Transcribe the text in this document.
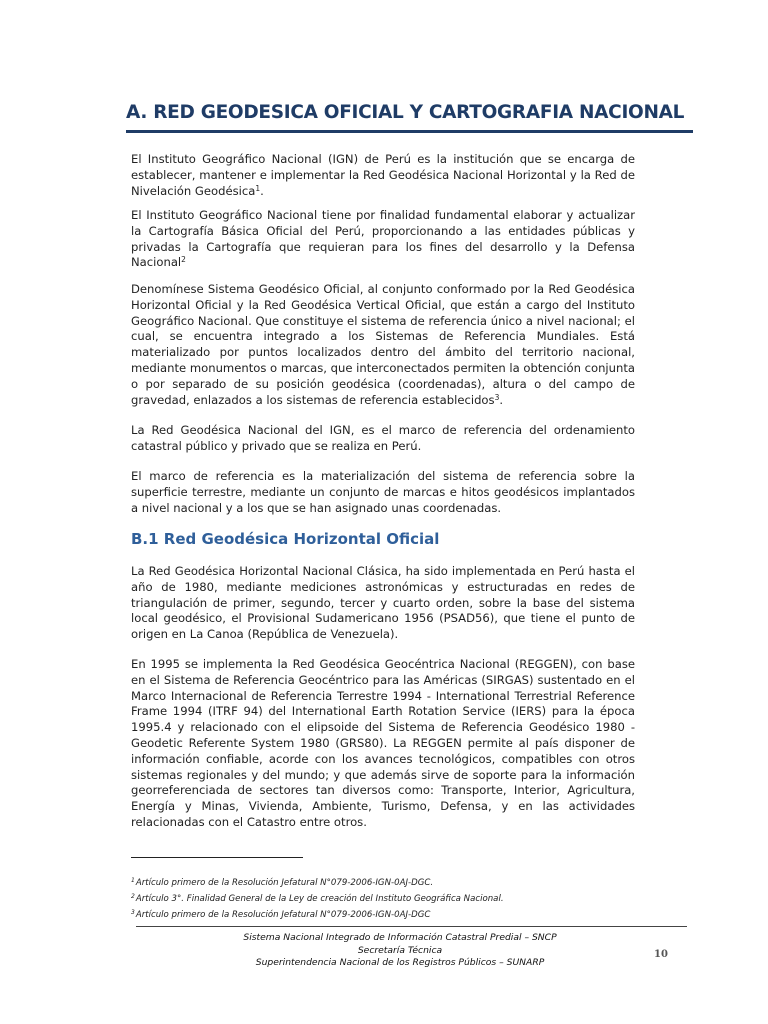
A. RED GEODESICA OFICIAL Y CARTOGRAFIA NACIONAL

El Instituto Geográfico Nacional (IGN) de Perú es la institución que se encarga de establecer, mantener e implementar la Red Geodésica Nacional Horizontal y la Red de Nivelación Geodésica$^1$.

El Instituto Geográfico Nacional tiene por finalidad fundamental elaborar y actualizar la Cartografía Básica Oficial del Perú, proporcionando a las entidades públicas y privadas la Cartografía que requieran para los fines del desarrollo y la Defensa Nacional$^2$

Denomínese Sistema Geodésico Oficial, al conjunto conformado por la Red Geodésica Horizontal Oficial y la Red Geodésica Vertical Oficial, que están a cargo del Instituto Geográfico Nacional. Que constituye el sistema de referencia único a nivel nacional; el cual, se encuentra integrado a los Sistemas de Referencia Mundiales. Está materializado por puntos localizados dentro del ámbito del territorio nacional, mediante monumentos o marcas, que interconectados permiten la obtención conjunta o por separado de su posición geodésica (coordenadas), altura o del campo de gravedad, enlazados a los sistemas de referencia establecidos$^3$.

La Red Geodésica Nacional del IGN, es el marco de referencia del ordenamiento catastral público y privado que se realiza en Perú.

El marco de referencia es la materialización del sistema de referencia sobre la superficie terrestre, mediante un conjunto de marcas e hitos geodésicos implantados a nivel nacional y a los que se han asignado unas coordenadas.

B.1 Red Geodésica Horizontal Oficial

La Red Geodésica Horizontal Nacional Clásica, ha sido implementada en Perú hasta el año de 1980, mediante mediciones astronómicas y estructuradas en redes de triangulación de primer, segundo, tercer y cuarto orden, sobre la base del sistema local geodésico, el Provisional Sudamericano 1956 (PSAD56), que tiene el punto de origen en La Canoa (República de Venezuela).

En 1995 se implementa la Red Geodésica Geocéntrica Nacional (REGGEN), con base en el Sistema de Referencia Geocéntrico para las Américas (SIRGAS) sustentado en el Marco Internacional de Referencia Terrestre 1994 - International Terrestrial Reference Frame 1994 (ITRF 94) del International Earth Rotation Service (IERS) para la época 1995.4 y relacionado con el elipsoide del Sistema de Referencia Geodésico 1980 - Geodetic Referente System 1980 (GRS80). La REGGEN permite al país disponer de información confiable, acorde con los avances tecnológicos, compatibles con otros sistemas regionales y del mundo; y que además sirve de soporte para la información georreferenciada de sectores tan diversos como: Transporte, Interior, Agricultura, Energía y Minas, Vivienda, Ambiente, Turismo, Defensa, y en las actividades relacionadas con el Catastro entre otros.

$^1$Artículo primero de la Resolución Jefatural N°079-2006-IGN-0AJ-DGC.

$^2$Artículo 3°. Finalidad General de la Ley de creación del Instituto Geográfica Nacional.

$^3$Artículo primero de la Resolución Jefatural N°079-2006-IGN-0AJ-DGC

Sistema Nacional Integrado de Información Catastral Predial – SNCP
Secretaría Técnica
Superintendencia Nacional de los Registros Públicos – SUNARP
10
